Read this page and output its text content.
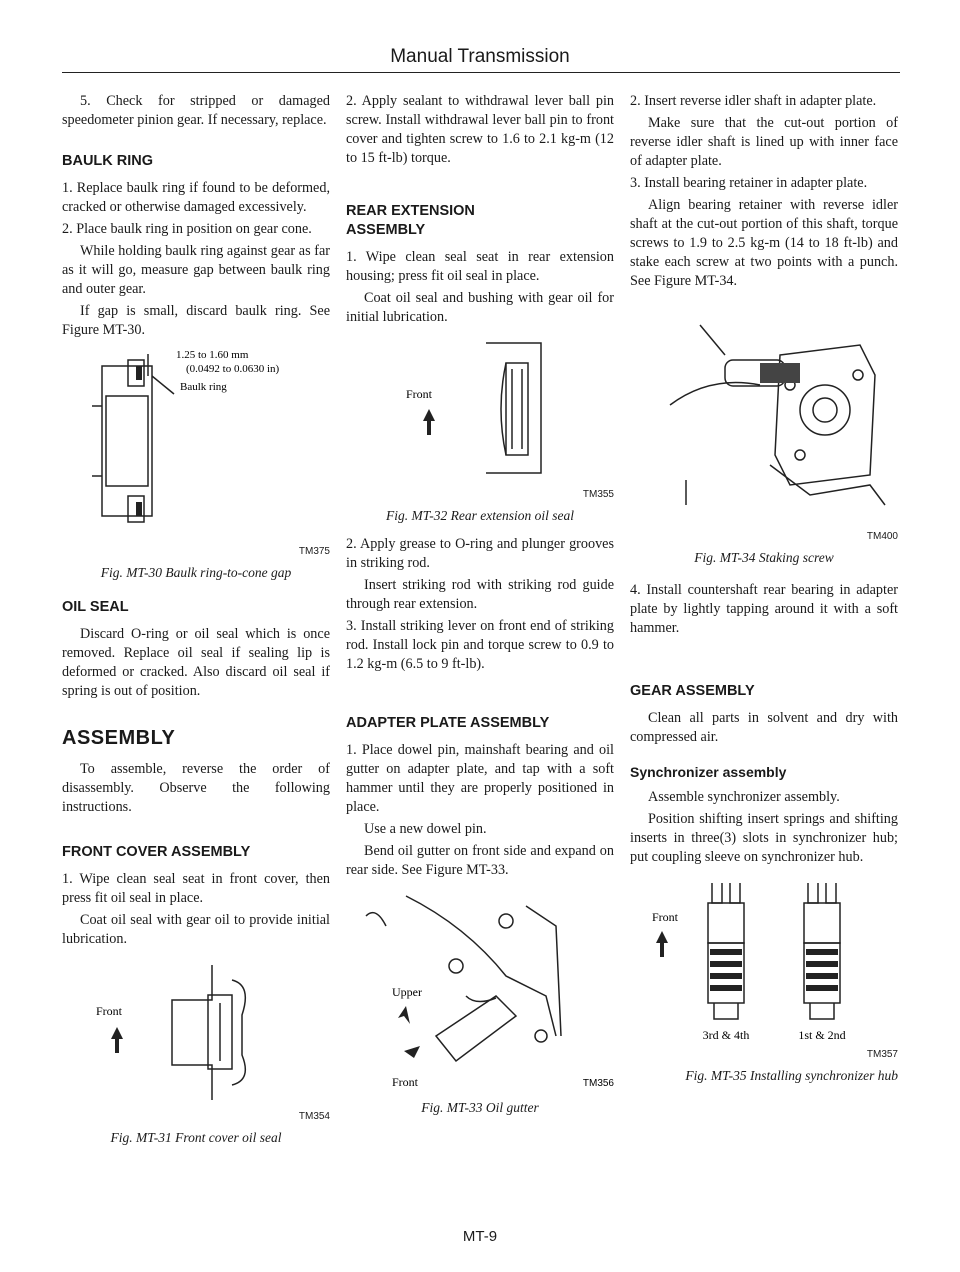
Manual Transmission

5. Check for stripped or damaged speedometer pinion gear. If necessary, replace.

BAULK RING

1. Replace baulk ring if found to be deformed, cracked or otherwise damaged excessively.

2. Place baulk ring in position on gear cone.

While holding baulk ring against gear as far as it will go, measure gap between baulk ring and outer gear.

If gap is small, discard baulk ring. See Figure MT-30.

1.25 to 1.60 mm
(0.0492 to 0.0630 in)
Baulk ring
TM375
Fig. MT-30 Baulk ring-to-cone gap
OIL SEAL

Discard O-ring or oil seal which is once removed. Replace oil seal if sealing lip is deformed or cracked. Also discard oil seal if spring is out of position.

ASSEMBLY

To assemble, reverse the order of disassembly. Observe the following instructions.

FRONT COVER ASSEMBLY

1. Wipe clean seal seat in front cover, then press fit oil seal in place.

Coat oil seal with gear oil to provide initial lubrication.

Front
TM354
Fig. MT-31 Front cover oil seal

2. Apply sealant to withdrawal lever ball pin screw. Install withdrawal lever ball pin to front cover and tighten screw to 1.6 to 2.1 kg-m (12 to 15 ft-lb) torque.

REAR EXTENSION
ASSEMBLY

1. Wipe clean seal seat in rear extension housing; press fit oil seal in place.

Coat oil seal and bushing with gear oil for initial lubrication.

Front
TM355
Fig. MT-32 Rear extension oil seal

2. Apply grease to O-ring and plunger grooves in striking rod.

Insert striking rod with striking rod guide through rear extension.

3. Install striking lever on front end of striking rod. Install lock pin and torque screw to 0.9 to 1.2 kg-m (6.5 to 9 ft-lb).

ADAPTER PLATE ASSEMBLY

1. Place dowel pin, mainshaft bearing and oil gutter on adapter plate, and tap with a soft hammer until they are properly positioned in place.

Use a new dowel pin.

Bend oil gutter on front side and expand on rear side. See Figure MT-33.

Upper
Front	TM356
Fig. MT-33 Oil gutter

2. Insert reverse idler shaft in adapter plate.

Make sure that the cut-out portion of reverse idler shaft is lined up with inner face of adapter plate.

3. Install bearing retainer in adapter plate.

Align bearing retainer with reverse idler shaft at the cut-out portion of this shaft, torque screws to 1.9 to 2.5 kg-m (14 to 18 ft-lb) and stake each screw at two points with a punch. See Figure MT-34.

TM400
Fig. MT-34 Staking screw

4. Install countershaft rear bearing in adapter plate by lightly tapping around it with a soft hammer.

GEAR ASSEMBLY

Clean all parts in solvent and dry with compressed air.

Synchronizer assembly

Assemble synchronizer assembly.

Position shifting insert springs and shifting inserts in three(3) slots in synchronizer hub; put coupling sleeve on synchronizer hub.

Front
3rd & 4th	1st & 2nd
TM357
Fig. MT-35 Installing synchronizer hub
MT-9
